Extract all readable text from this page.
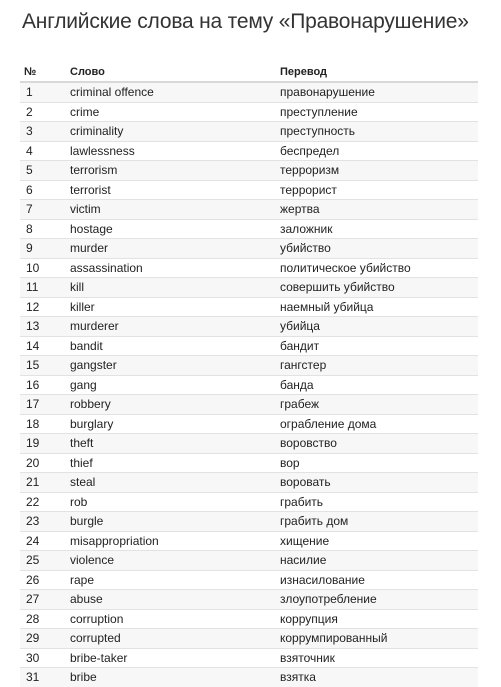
Английские слова на тему «Правонарушение»
№	Слово	Перевод
1	criminal offence	правонарушение
2	crime	преступление
3	criminality	преступность
4	lawlessness	беспредел
5	terrorism	терроризм
6	terrorist	террорист
7	victim	жертва
8	hostage	заложник
9	murder	убийство
10	assassination	политическое убийство
11	kill	совершить убийство
12	killer	наемный убийца
13	murderer	убийца
14	bandit	бандит
15	gangster	гангстер
16	gang	банда
17	robbery	грабеж
18	burglary	ограбление дома
19	theft	воровство
20	thief	вор
21	steal	воровать
22	rob	грабить
23	burgle	грабить дом
24	misappropriation	хищение
25	violence	насилие
26	rape	изнасилование
27	abuse	злоупотребление
28	corruption	коррупция
29	corrupted	коррумпированный
30	bribe-taker	взяточник
31	bribe	взятка
